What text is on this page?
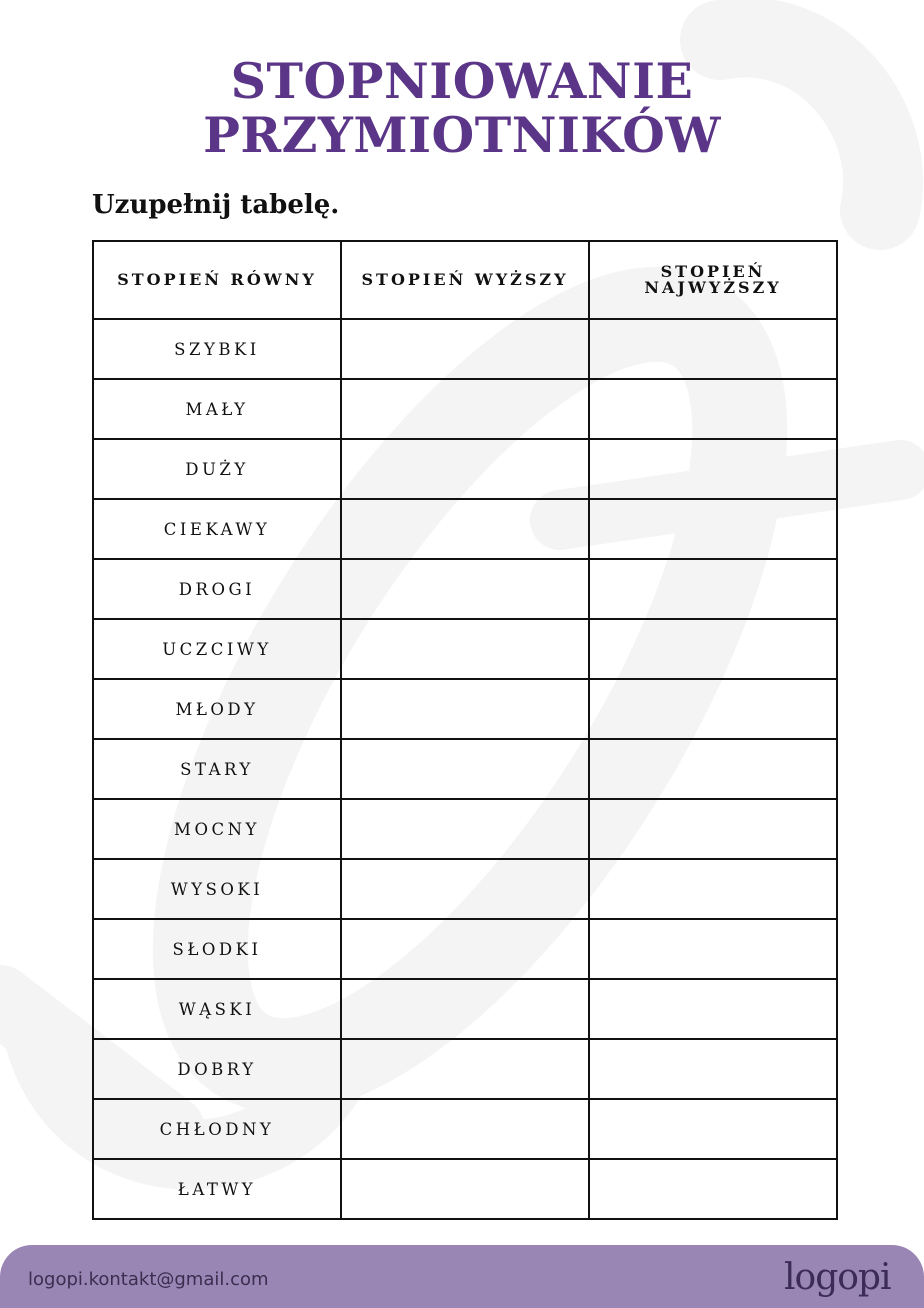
STOPNIOWANIE
PRZYMIOTNIKÓW

Uzupełnij tabelę.

STOPIEŃ RÓWNY	STOPIEŃ WYŻSZY	STOPIEŃ
NAJWYŻSZY
SZYBKI		
MAŁY		
DUŻY		
CIEKAWY		
DROGI		
UCZCIWY		
MŁODY		
STARY		
MOCNY		
WYSOKI		
SŁODKI		
WĄSKI		
DOBRY		
CHŁODNY		
ŁATWY		
logopi.kontakt@gmail.com	logopi
